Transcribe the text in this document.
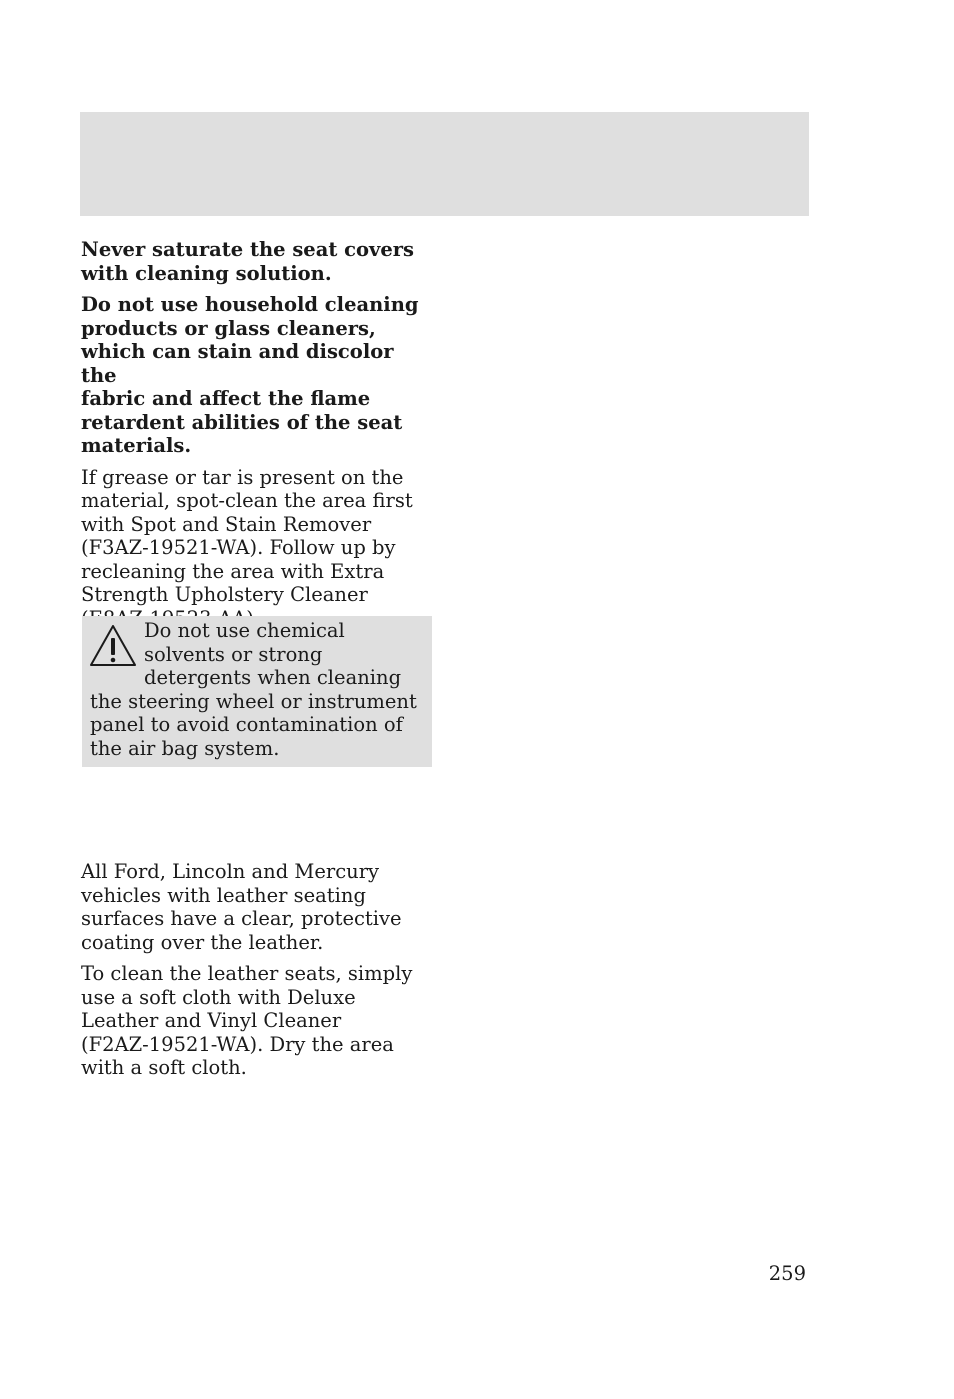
Never saturate the seat covers
with cleaning solution.

Do not use household cleaning
products or glass cleaners,
which can stain and discolor the
fabric and affect the flame
retardent abilities of the seat
materials.

If grease or tar is present on the
material, spot-clean the area first
with Spot and Stain Remover
(F3AZ-19521-WA). Follow up by
recleaning the area with Extra
Strength Upholstery Cleaner

Do not use chemical solvents or strong detergents when cleaning the steering wheel or instrument panel to avoid contamination of the air bag system.

All Ford, Lincoln and Mercury
vehicles with leather seating
surfaces have a clear, protective
coating over the leather.

To clean the leather seats, simply
use a soft cloth with Deluxe
Leather and Vinyl Cleaner
(F2AZ-19521-WA). Dry the area
with a soft cloth.

259
